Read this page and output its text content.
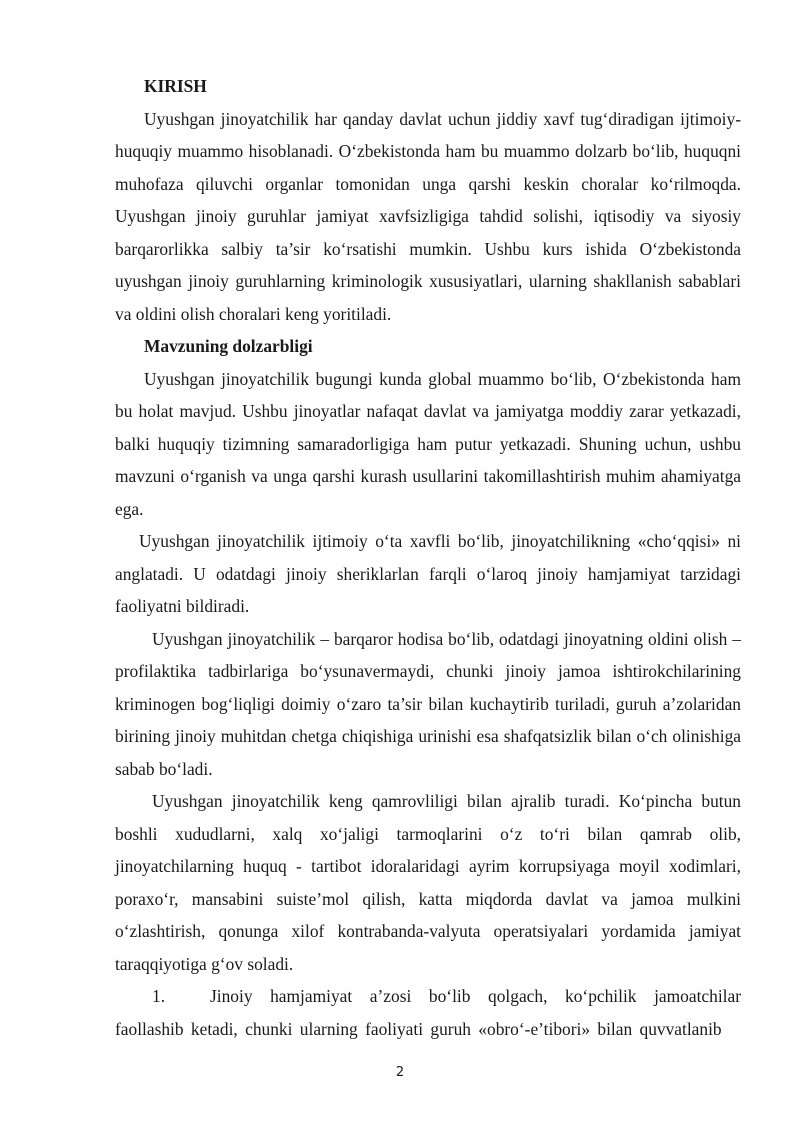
KIRISH

Uyushgan jinoyatchilik har qanday davlat uchun jiddiy xavf tug‘diradigan ijtimoiy-huquqiy muammo hisoblanadi. O‘zbekistonda ham bu muammo dolzarb bo‘lib, huquqni muhofaza qiluvchi organlar tomonidan unga qarshi keskin choralar ko‘rilmoqda. Uyushgan jinoiy guruhlar jamiyat xavfsizligiga tahdid solishi, iqtisodiy va siyosiy barqarorlikka salbiy ta’sir ko‘rsatishi mumkin. Ushbu kurs ishida O‘zbekistonda uyushgan jinoiy guruhlarning kriminologik xususiyatlari, ularning shakllanish sabablari va oldini olish choralari keng yoritiladi.

Mavzuning dolzarbligi

Uyushgan jinoyatchilik bugungi kunda global muammo bo‘lib, O‘zbekistonda ham bu holat mavjud. Ushbu jinoyatlar nafaqat davlat va jamiyatga moddiy zarar yetkazadi, balki huquqiy tizimning samaradorligiga ham putur yetkazadi. Shuning uchun, ushbu mavzuni o‘rganish va unga qarshi kurash usullarini takomillashtirish muhim ahamiyatga ega.

Uyushgan jinoyatchilik ijtimoiy o‘ta xavfli bo‘lib, jinoyatchilikning «cho‘qqisi» ni anglatadi. U odatdagi jinoiy sheriklarlan farqli o‘laroq jinoiy hamjamiyat tarzidagi faoliyatni bildiradi.

Uyushgan jinoyatchilik – barqaror hodisa bo‘lib, odatdagi jinoyatning oldini olish – profilaktika tadbirlariga bo‘ysunavermaydi, chunki jinoiy jamoa ishtirokchilarining kriminogen bog‘liqligi doimiy o‘zaro ta’sir bilan kuchaytirib turiladi, guruh a’zolaridan birining jinoiy muhitdan chetga chiqishiga urinishi esa shafqatsizlik bilan o‘ch olinishiga sabab bo‘ladi.

Uyushgan jinoyatchilik keng qamrovliligi bilan ajralib turadi. Ko‘pincha butun boshli xududlarni, xalq xo‘jaligi tarmoqlarini o‘z to‘ri bilan qamrab olib, jinoyatchilarning huquq - tartibot idoralaridagi ayrim korrupsiyaga moyil xodimlari, poraxo‘r, mansabini suiste’mol qilish, katta miqdorda davlat va jamoa mulkini o‘zlashtirish, qonunga xilof kontrabanda-valyuta operatsiyalari yordamida jamiyat taraqqiyotiga g‘ov soladi.

1.	Jinoiy hamjamiyat a’zosi bo‘lib qolgach, ko‘pchilik jamoatchilar faollashib ketadi, chunki ularning faoliyati guruh «obro‘-e’tibori» bilan quvvatlanib

2
